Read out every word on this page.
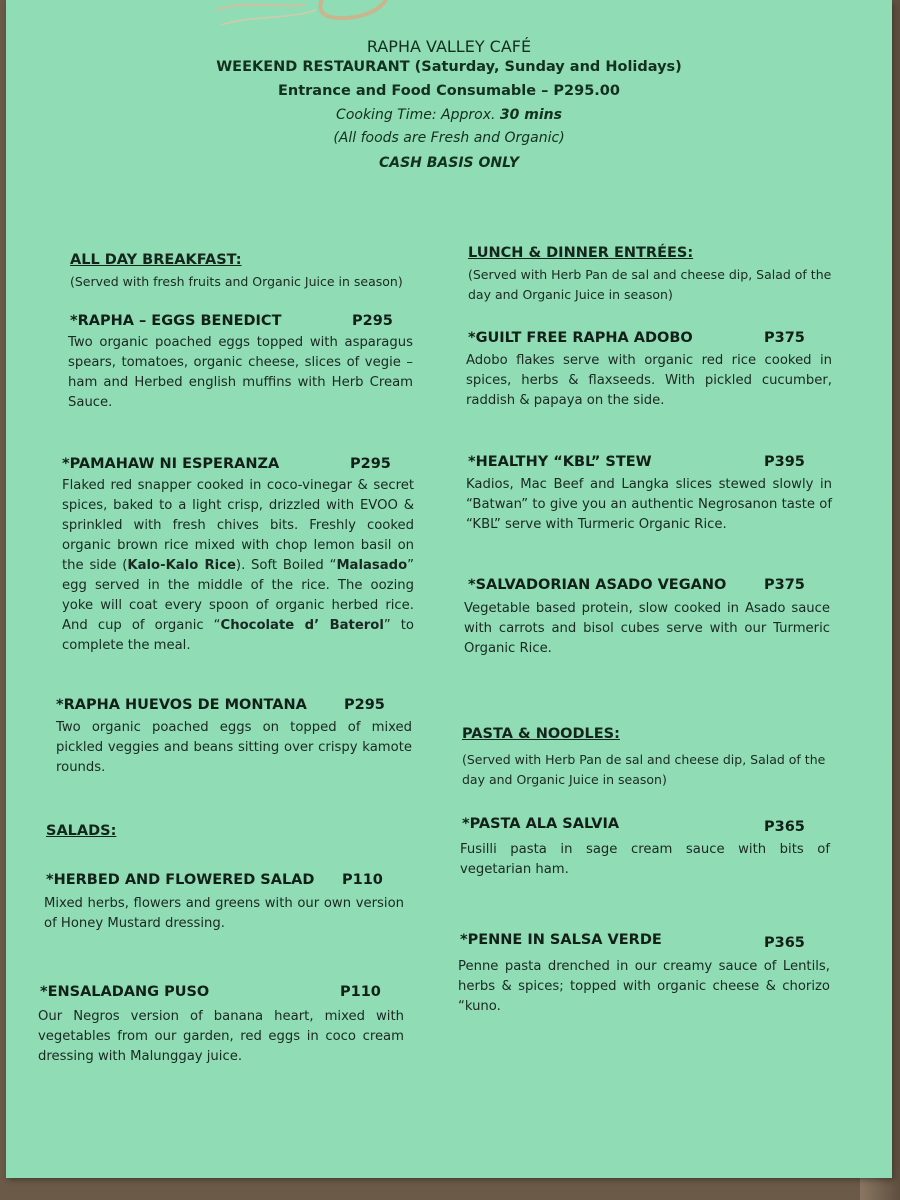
RAPHA VALLEY CAFÉ
WEEKEND RESTAURANT (Saturday, Sunday and Holidays)
Entrance and Food Consumable – P295.00
Cooking Time: Approx. 30 mins
(All foods are Fresh and Organic)
CASH BASIS ONLY
ALL DAY BREAKFAST:
(Served with fresh fruits and Organic Juice in season)
*RAPHA – EGGS BENEDICT	P295
Two organic poached eggs topped with asparagus spears, tomatoes, organic cheese, slices of vegie – ham and Herbed english muffins with Herb Cream Sauce.
*PAMAHAW NI ESPERANZA	P295
Flaked red snapper cooked in coco-vinegar & secret spices, baked to a light crisp, drizzled with EVOO & sprinkled with fresh chives bits. Freshly cooked organic brown rice mixed with chop lemon basil on the side (Kalo-Kalo Rice). Soft Boiled “Malasado” egg served in the middle of the rice. The oozing yoke will coat every spoon of organic herbed rice. And cup of organic “Chocolate d’ Baterol” to complete the meal.
*RAPHA HUEVOS DE MONTANA	P295
Two organic poached eggs on topped of mixed pickled veggies and beans sitting over crispy kamote rounds.
SALADS:
*HERBED AND FLOWERED SALAD P110
Mixed herbs, flowers and greens with our own version of Honey Mustard dressing.
*ENSALADANG PUSO	P110
Our Negros version of banana heart, mixed with vegetables from our garden, red eggs in coco cream dressing with Malunggay juice.
LUNCH & DINNER ENTRÉES:
(Served with Herb Pan de sal and cheese dip, Salad of the day and Organic Juice in season)
*GUILT FREE RAPHA ADOBO	P375
Adobo flakes serve with organic red rice cooked in spices, herbs & flaxseeds. With pickled cucumber, raddish & papaya on the side.
*HEALTHY “KBL” STEW	P395
Kadios, Mac Beef and Langka slices stewed slowly in “Batwan” to give you an authentic Negrosanon taste of “KBL” serve with Turmeric Organic Rice.
*SALVADORIAN ASADO VEGANO	P375
Vegetable based protein, slow cooked in Asado sauce with carrots and bisol cubes serve with our Turmeric Organic Rice.
PASTA & NOODLES:
(Served with Herb Pan de sal and cheese dip, Salad of the day and Organic Juice in season)
*PASTA ALA SALVIA	P365
Fusilli pasta in sage cream sauce with bits of vegetarian ham.
*PENNE IN SALSA VERDE	P365
Penne pasta drenched in our creamy sauce of Lentils, herbs & spices; topped with organic cheese & chorizo “kuno.
